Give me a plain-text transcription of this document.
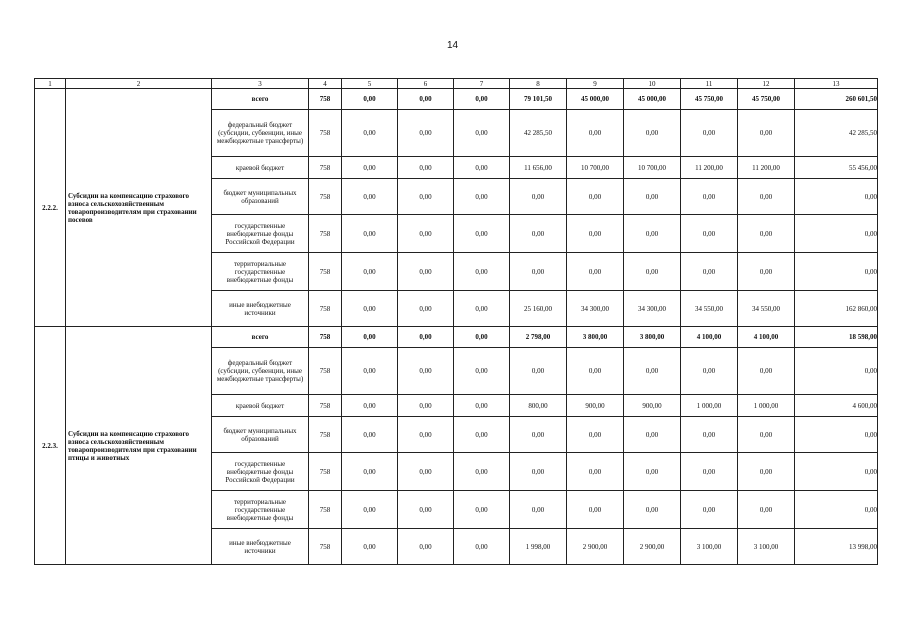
14
1	2	3	4	5	6	7	8	9	10	11	12	13
2.2.2.	Субсидии на компенсацию страхового взноса сельскохозяйственным товаропроизводителям при страховании посевов	всего	758	0,00	0,00	0,00	79 101,50	45 000,00	45 000,00	45 750,00	45 750,00	260 601,50
		федеральный бюджет (субсидии, субвенции, иные межбюджетные трансферты)	758	0,00	0,00	0,00	42 285,50	0,00	0,00	0,00	0,00	42 285,50
		краевой бюджет	758	0,00	0,00	0,00	11 656,00	10 700,00	10 700,00	11 200,00	11 200,00	55 456,00
		бюджет муниципальных образований	758	0,00	0,00	0,00	0,00	0,00	0,00	0,00	0,00	0,00
		государственные внебюджетные фонды Российской Федерации	758	0,00	0,00	0,00	0,00	0,00	0,00	0,00	0,00	0,00
		территориальные государственные внебюджетные фонды	758	0,00	0,00	0,00	0,00	0,00	0,00	0,00	0,00	0,00
		иные внебюджетные источники	758	0,00	0,00	0,00	25 160,00	34 300,00	34 300,00	34 550,00	34 550,00	162 860,00
2.2.3.	Субсидии на компенсацию страхового взноса сельскохозяйственным товаропроизводителям при страховании птицы и животных	всего	758	0,00	0,00	0,00	2 798,00	3 800,00	3 800,00	4 100,00	4 100,00	18 598,00
		федеральный бюджет (субсидии, субвенции, иные межбюджетные трансферты)	758	0,00	0,00	0,00	0,00	0,00	0,00	0,00	0,00	0,00
		краевой бюджет	758	0,00	0,00	0,00	800,00	900,00	900,00	1 000,00	1 000,00	4 600,00
		бюджет муниципальных образований	758	0,00	0,00	0,00	0,00	0,00	0,00	0,00	0,00	0,00
		государственные внебюджетные фонды Российской Федерации	758	0,00	0,00	0,00	0,00	0,00	0,00	0,00	0,00	0,00
		территориальные государственные внебюджетные фонды	758	0,00	0,00	0,00	0,00	0,00	0,00	0,00	0,00	0,00
		иные внебюджетные источники	758	0,00	0,00	0,00	1 998,00	2 900,00	2 900,00	3 100,00	3 100,00	13 998,00
